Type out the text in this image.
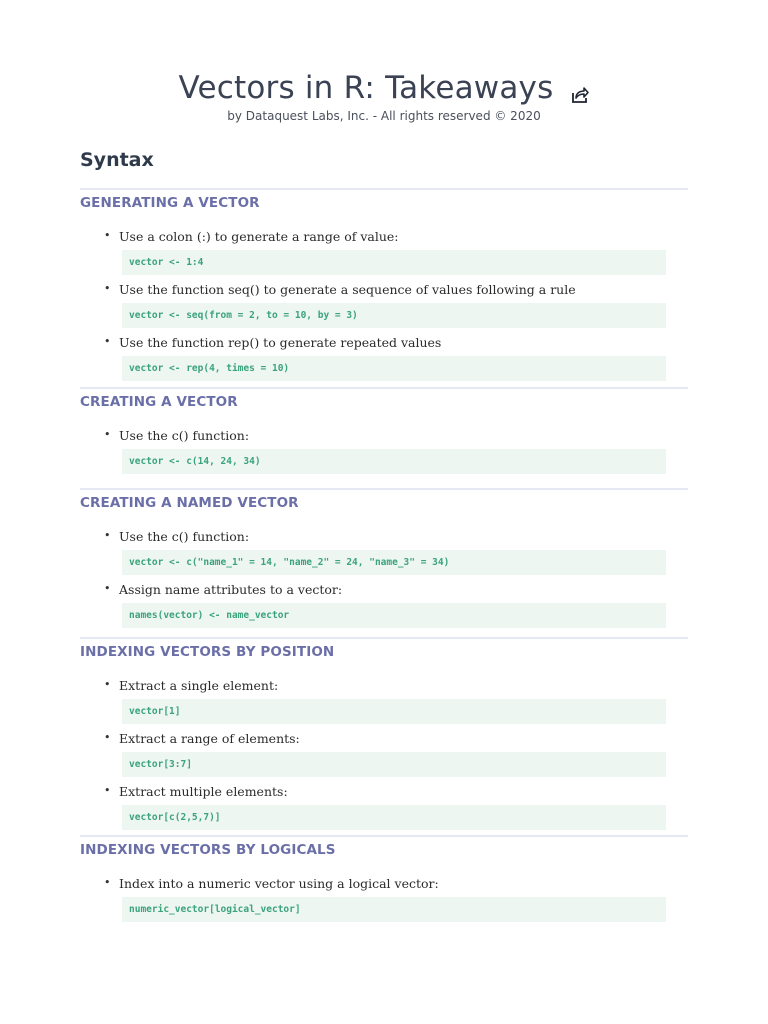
Vectors in R: Takeaways
by Dataquest Labs, Inc. - All rights reserved © 2020
Syntax
GENERATING A VECTOR
• Use a colon (:) to generate a range of value:
vector <- 1:4
• Use the function seq() to generate a sequence of values following a rule
vector <- seq(from = 2, to = 10, by = 3)
• Use the function rep() to generate repeated values
vector <- rep(4, times = 10)
CREATING A VECTOR
• Use the c() function:
vector <- c(14, 24, 34)
CREATING A NAMED VECTOR
• Use the c() function:
vector <- c("name_1" = 14, "name_2" = 24, "name_3" = 34)
• Assign name attributes to a vector:
names(vector) <- name_vector
INDEXING VECTORS BY POSITION
• Extract a single element:
vector[1]
• Extract a range of elements:
vector[3:7]
• Extract multiple elements:
vector[c(2,5,7)]
INDEXING VECTORS BY LOGICALS
• Index into a numeric vector using a logical vector:
numeric_vector[logical_vector]
